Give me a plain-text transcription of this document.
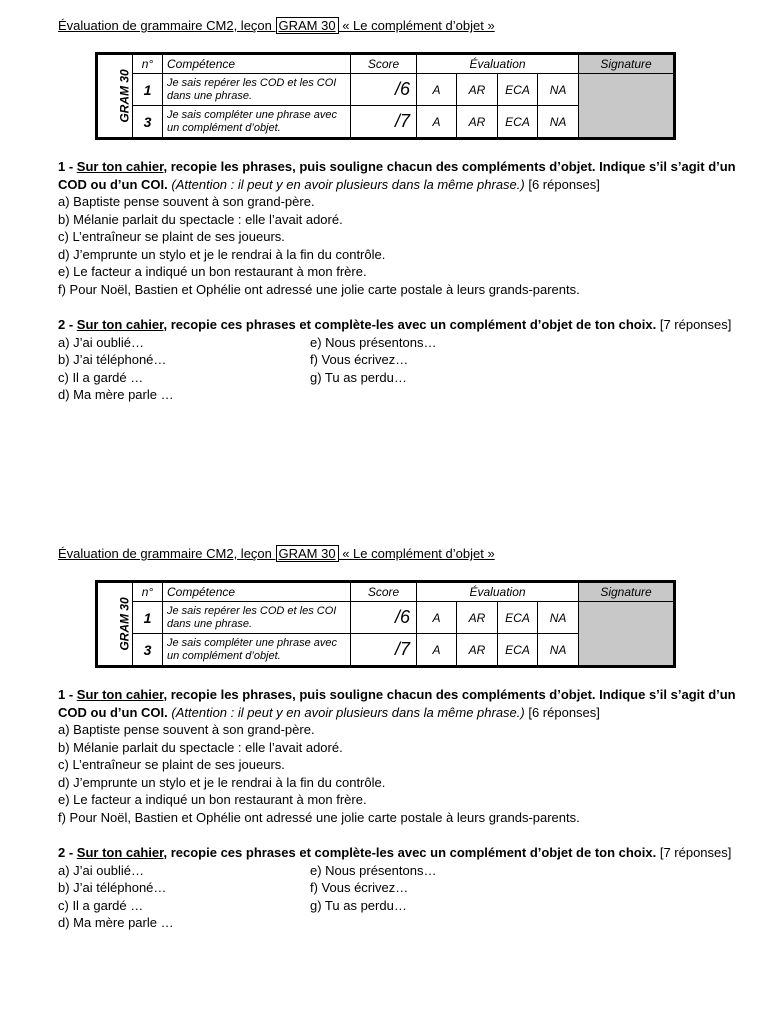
Évaluation de grammaire CM2, leçon GRAM 30 « Le complément d’objet »
GRAM 30	n°	Compétence	Score	Évaluation				Signature
	1	Je sais repérer les COD et les COI dans une phrase.	/6	A	AR	ECA	NA	
	3	Je sais compléter une phrase avec un complément d’objet.	/7	A	AR	ECA	NA	
1 - Sur ton cahier, recopie les phrases, puis souligne chacun des compléments d’objet. Indique s’il s’agit d’un COD ou d’un COI. (Attention : il peut y en avoir plusieurs dans la même phrase.) [6 réponses]
a) Baptiste pense souvent à son grand-père.
b) Mélanie parlait du spectacle : elle l’avait adoré.
c) L’entraîneur se plaint de ses joueurs.
d) J’emprunte un stylo et je le rendrai à la fin du contrôle.
e) Le facteur a indiqué un bon restaurant à mon frère.
f) Pour Noël, Bastien et Ophélie ont adressé une jolie carte postale à leurs grands-parents.
2 - Sur ton cahier, recopie ces phrases et complète-les avec un complément d’objet de ton choix. [7 réponses]
a) J’ai oublié…
b) J’ai téléphoné…
c) Il a gardé …
d) Ma mère parle …
e) Nous présentons…
f) Vous écrivez…
g) Tu as perdu…
Évaluation de grammaire CM2, leçon GRAM 30 « Le complément d’objet »
GRAM 30	n°	Compétence	Score	Évaluation				Signature
	1	Je sais repérer les COD et les COI dans une phrase.	/6	A	AR	ECA	NA	
	3	Je sais compléter une phrase avec un complément d’objet.	/7	A	AR	ECA	NA	
1 - Sur ton cahier, recopie les phrases, puis souligne chacun des compléments d’objet. Indique s’il s’agit d’un COD ou d’un COI. (Attention : il peut y en avoir plusieurs dans la même phrase.) [6 réponses]
a) Baptiste pense souvent à son grand-père.
b) Mélanie parlait du spectacle : elle l’avait adoré.
c) L’entraîneur se plaint de ses joueurs.
d) J’emprunte un stylo et je le rendrai à la fin du contrôle.
e) Le facteur a indiqué un bon restaurant à mon frère.
f) Pour Noël, Bastien et Ophélie ont adressé une jolie carte postale à leurs grands-parents.
2 - Sur ton cahier, recopie ces phrases et complète-les avec un complément d’objet de ton choix. [7 réponses]
a) J’ai oublié…
b) J’ai téléphoné…
c) Il a gardé …
d) Ma mère parle …
e) Nous présentons…
f) Vous écrivez…
g) Tu as perdu…
